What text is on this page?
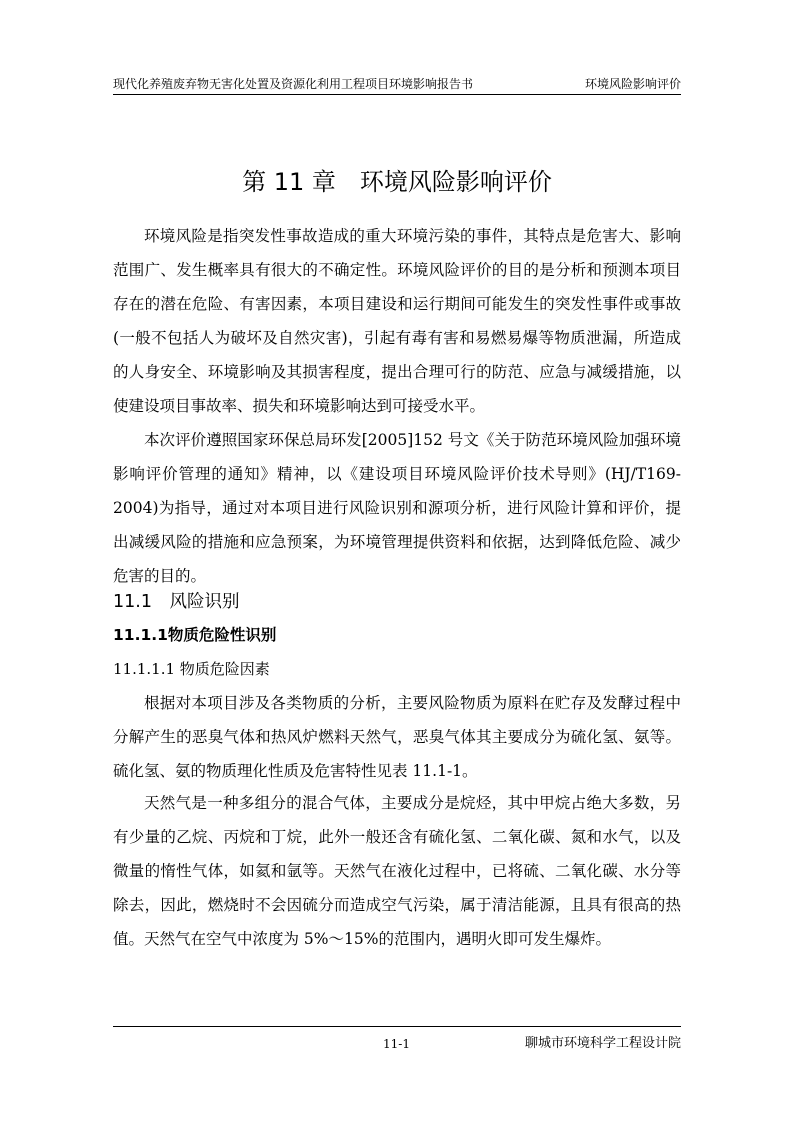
现代化养殖废弃物无害化处置及资源化利用工程项目环境影响报告书	环境风险影响评价
第 11 章　环境风险影响评价

环境风险是指突发性事故造成的重大环境污染的事件，其特点是危害大、影响范围广、发生概率具有很大的不确定性。环境风险评价的目的是分析和预测本项目存在的潜在危险、有害因素，本项目建设和运行期间可能发生的突发性事件或事故(一般不包括人为破坏及自然灾害)，引起有毒有害和易燃易爆等物质泄漏，所造成的人身安全、环境影响及其损害程度，提出合理可行的防范、应急与减缓措施，以使建设项目事故率、损失和环境影响达到可接受水平。

本次评价遵照国家环保总局环发[2005]152 号文《关于防范环境风险加强环境影响评价管理的通知》精神，以《建设项目环境风险评价技术导则》(HJ/T169-2004)为指导，通过对本项目进行风险识别和源项分析，进行风险计算和评价，提出减缓风险的措施和应急预案，为环境管理提供资料和依据，达到降低危险、减少危害的目的。

11.1　风险识别
11.1.1物质危险性识别
11.1.1.1 物质危险因素

根据对本项目涉及各类物质的分析，主要风险物质为原料在贮存及发酵过程中分解产生的恶臭气体和热风炉燃料天然气，恶臭气体其主要成分为硫化氢、氨等。硫化氢、氨的物质理化性质及危害特性见表 11.1-1。

天然气是一种多组分的混合气体，主要成分是烷烃，其中甲烷占绝大多数，另有少量的乙烷、丙烷和丁烷，此外一般还含有硫化氢、二氧化碳、氮和水气，以及微量的惰性气体，如氦和氩等。天然气在液化过程中，已将硫、二氧化碳、水分等除去，因此，燃烧时不会因硫分而造成空气污染，属于清洁能源，且具有很高的热值。天然气在空气中浓度为 5%～15%的范围内，遇明火即可发生爆炸。

11-1	聊城市环境科学工程设计院
